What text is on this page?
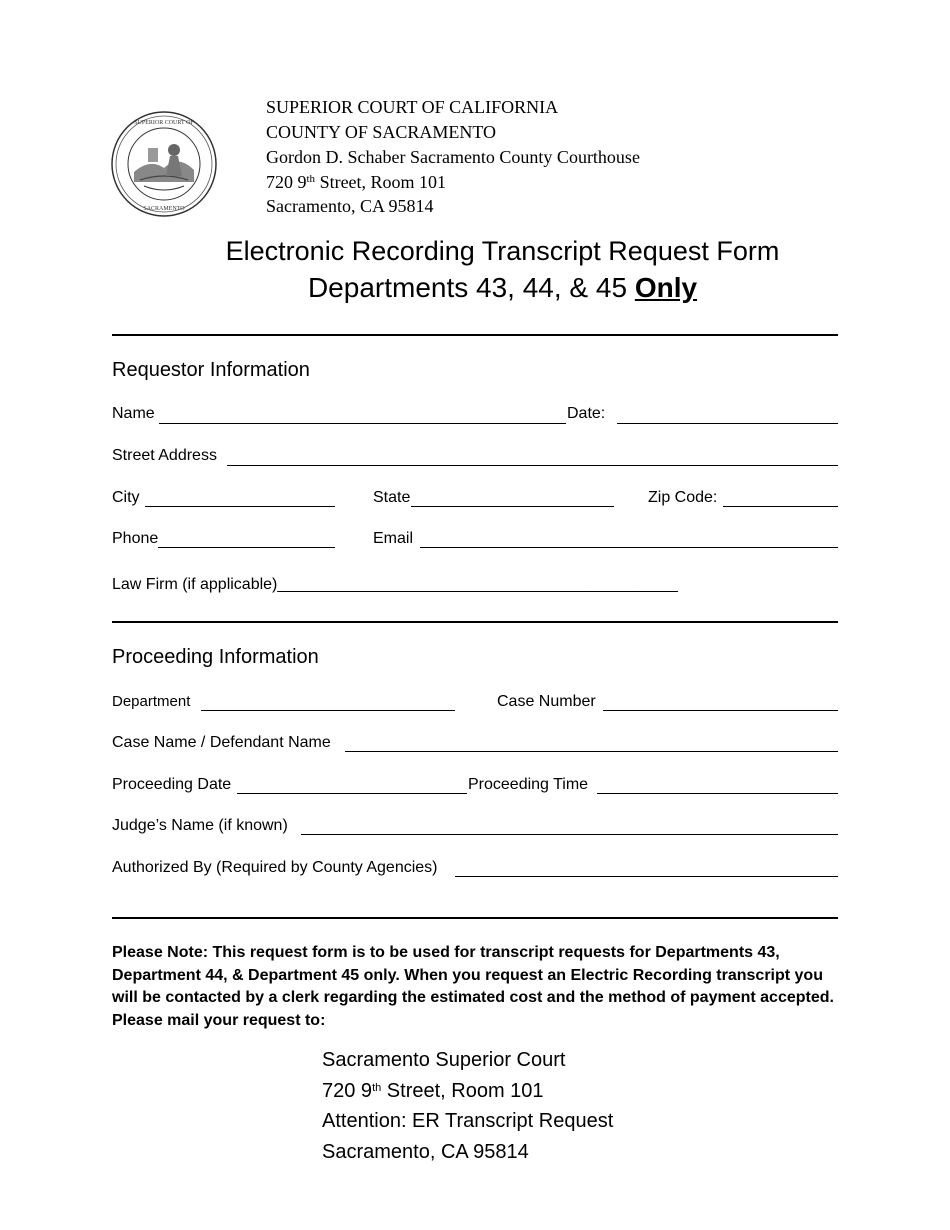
SUPERIOR COURT OF
SACRAMENTO
SUPERIOR COURT OF CALIFORNIA
COUNTY OF SACRAMENTO
Gordon D. Schaber Sacramento County Courthouse
720 9th Street, Room 101
Sacramento, CA 95814
Electronic Recording Transcript Request Form
Departments 43, 44, & 45 Only
Requestor Information
Name	Date:
Street Address
City	State	Zip Code:
Phone	Email
Law Firm (if applicable)_____________________________________________
Proceeding Information
Department	Case Number
Case Name / Defendant Name
Proceeding Date	Proceeding Time
Judge’s Name (if known)
Authorized By (Required by County Agencies)
Please Note: This request form is to be used for transcript requests for Departments 43, Department 44, & Department 45 only. When you request an Electric Recording transcript you will be contacted by a clerk regarding the estimated cost and the method of payment accepted. Please mail your request to:
Sacramento Superior Court
720 9th Street, Room 101
Attention: ER Transcript Request
Sacramento, CA 95814
